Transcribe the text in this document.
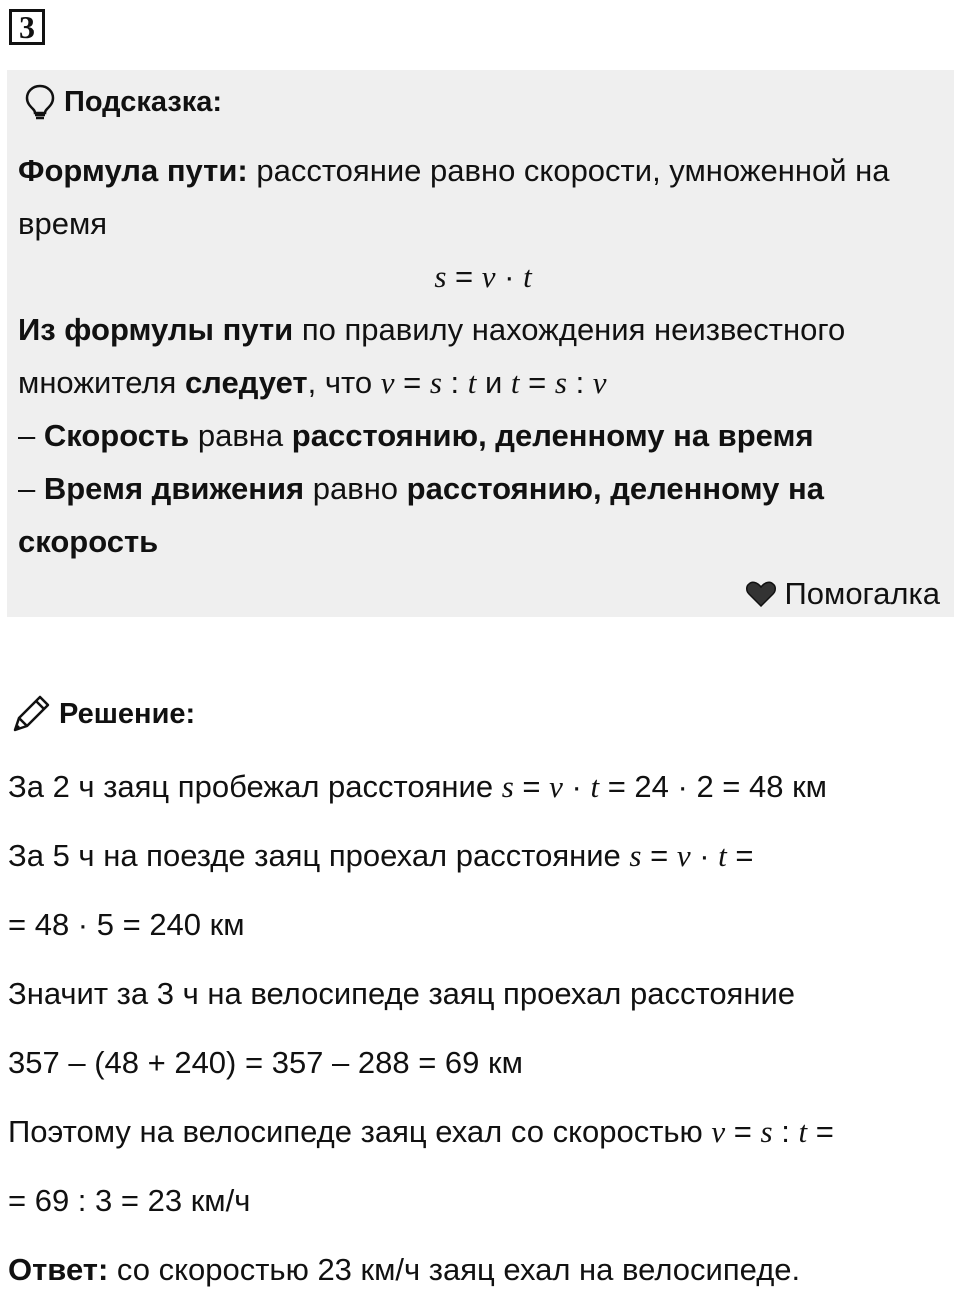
3
Подсказка:

Формула пути: расстояние равно скорости, умноженной на время

s = v · t

Из формулы пути по правилу нахождения неизвестного множителя следует, что v = s : t и t = s : v

– Скорость равна расстоянию, деленному на время

– Время движения равно расстоянию, деленному на скорость

Помогалка
Решение:
За 2 ч заяц пробежал расстояние s = v · t = 24 · 2 = 48 км
За 5 ч на поезде заяц проехал расстояние s = v · t =
= 48 · 5 = 240 км
Значит за 3 ч на велосипеде заяц проехал расстояние
357 – (48 + 240) = 357 – 288 = 69 км
Поэтому на велосипеде заяц ехал со скоростью v = s : t =
= 69 : 3 = 23 км/ч
Ответ: со скоростью 23 км/ч заяц ехал на велосипеде.
